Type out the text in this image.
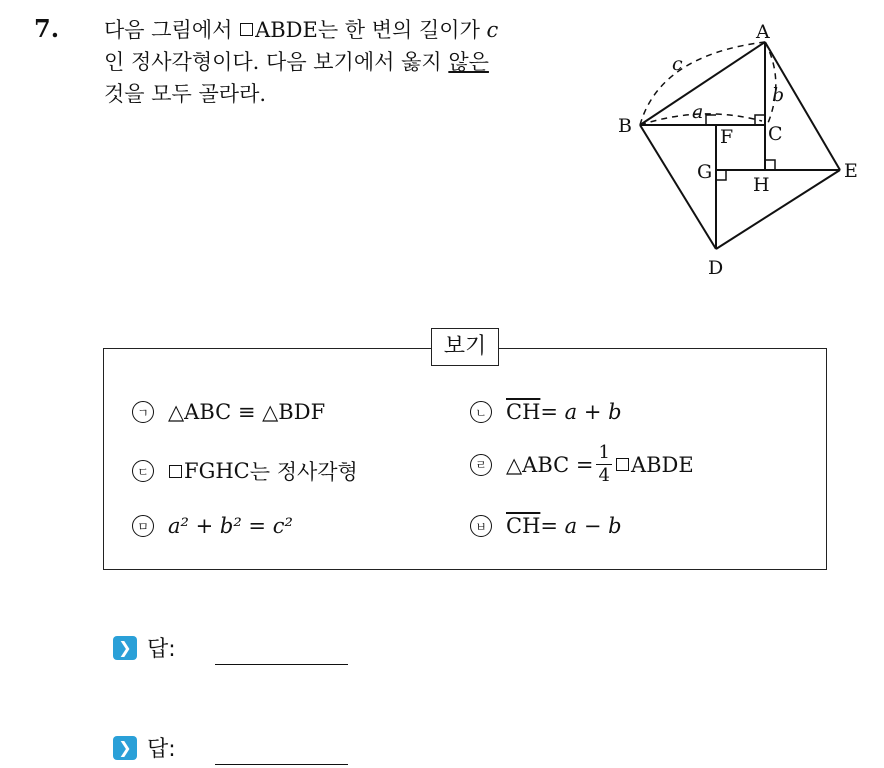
7. 다음 그림에서 ABDE는 한 변의 길이가 c
인 정사각형이다. 다음 보기에서 옳지 않은
것을 모두 골라라.
A
B	C
D
E
F
G
H
a
b
c
보기
ㄱ △ABC ≡ △BDF	ㄴ $\overline{CH} = a + b$
ㄷ FGHC 는 정사각형	ㄹ △ABC = $\frac{1}{4}$ ABDE
ㅁ a² + b² = c²	ㅂ $\overline{CH} = a - b$
❯ 답:
❯ 답:
